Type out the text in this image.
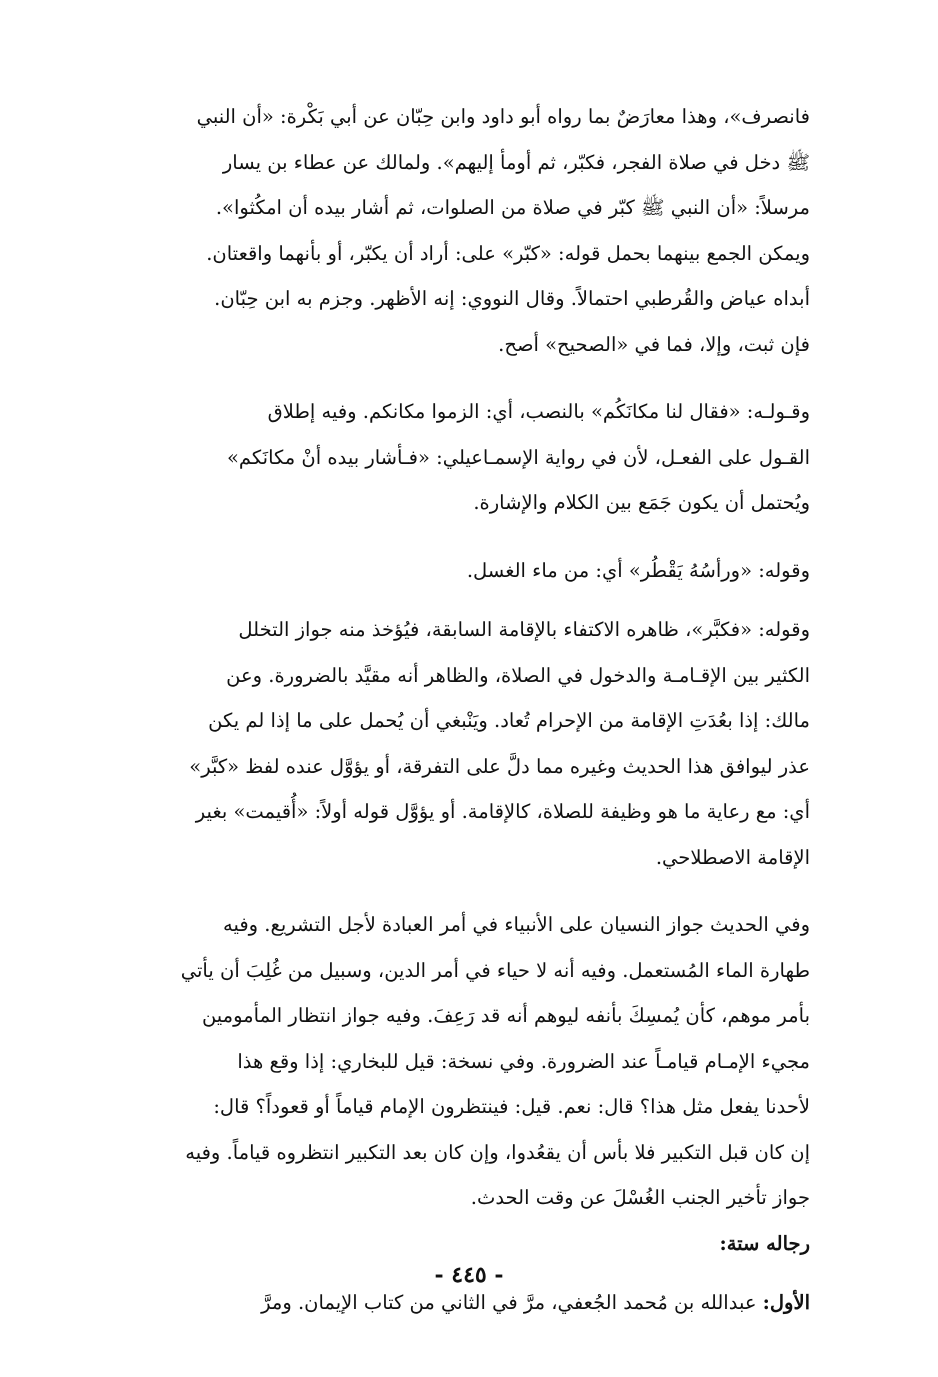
فانصرف»، وهذا معارَضٌ بما رواه أبو داود وابن حِبّان عن أبي بَكْرة: «أن النبي
ﷺ دخل في صلاة الفجر، فكبّر، ثم أومأ إليهم». ولمالك عن عطاء بن يسار
مرسلاً: «أن النبي ﷺ كبّر في صلاة من الصلوات، ثم أشار بيده أن امكُثوا».
ويمكن الجمع بينهما بحمل قوله: «كبّر» على: أراد أن يكبّر، أو بأنهما واقعتان.
أبداه عياض والقُرطبي احتمالاً. وقال النووي: إنه الأظهر. وجزم به ابن حِبّان.
فإن ثبت، وإلا، فما في «الصحيح» أصح.
وقـولـه: «فقال لنا مكانَكُم» بالنصب، أي: الزموا مكانكم. وفيه إطلاق
القـول على الفعـل، لأن في رواية الإسمـاعيلي: «فـأشار بيده أنْ مكانَكم»
ويُحتمل أن يكون جَمَع بين الكلام والإشارة.
وقوله: «ورأسُهُ يَقْطُر» أي: من ماء الغسل.
وقوله: «فكبَّر»، ظاهره الاكتفاء بالإقامة السابقة، فيُؤخذ منه جواز التخلل
الكثير بين الإقـامـة والدخول في الصلاة، والظاهر أنه مقيَّد بالضرورة. وعن
مالك: إذا بعُدَتِ الإقامة من الإحرام تُعاد. ويَنْبغي أن يُحمل على ما إذا لم يكن
عذر ليوافق هذا الحديث وغيره مما دلَّ على التفرقة، أو يؤوَّل عنده لفظ «كبَّر»
أي: مع رعاية ما هو وظيفة للصلاة، كالإقامة. أو يؤوَّل قوله أولاً: «أُقيمت» بغير
الإقامة الاصطلاحي.
وفي الحديث جواز النسيان على الأنبياء في أمر العبادة لأجل التشريع. وفيه
طهارة الماء المُستعمل. وفيه أنه لا حياء في أمر الدين، وسبيل من غُلِبَ أن يأتي
بأمر موهم، كأن يُمسِكَ بأنفه ليوهم أنه قد رَعِفَ. وفيه جواز انتظار المأمومين
مجيء الإمـام قيامـاً عند الضرورة. وفي نسخة: قيل للبخاري: إذا وقع هذا
لأحدنا يفعل مثل هذا؟ قال: نعم. قيل: فينتظرون الإمام قياماً أو قعوداً؟ قال:
إن كان قبل التكبير فلا بأس أن يقعُدوا، وإن كان بعد التكبير انتظروه قياماً. وفيه
جواز تأخير الجنب الغُسْلَ عن وقت الحدث.
رجاله ستة:
الأول: عبدالله بن مُحمد الجُعفي، مرَّ في الثاني من كتاب الإيمان. ومرَّ
- ٤٤٥ -
